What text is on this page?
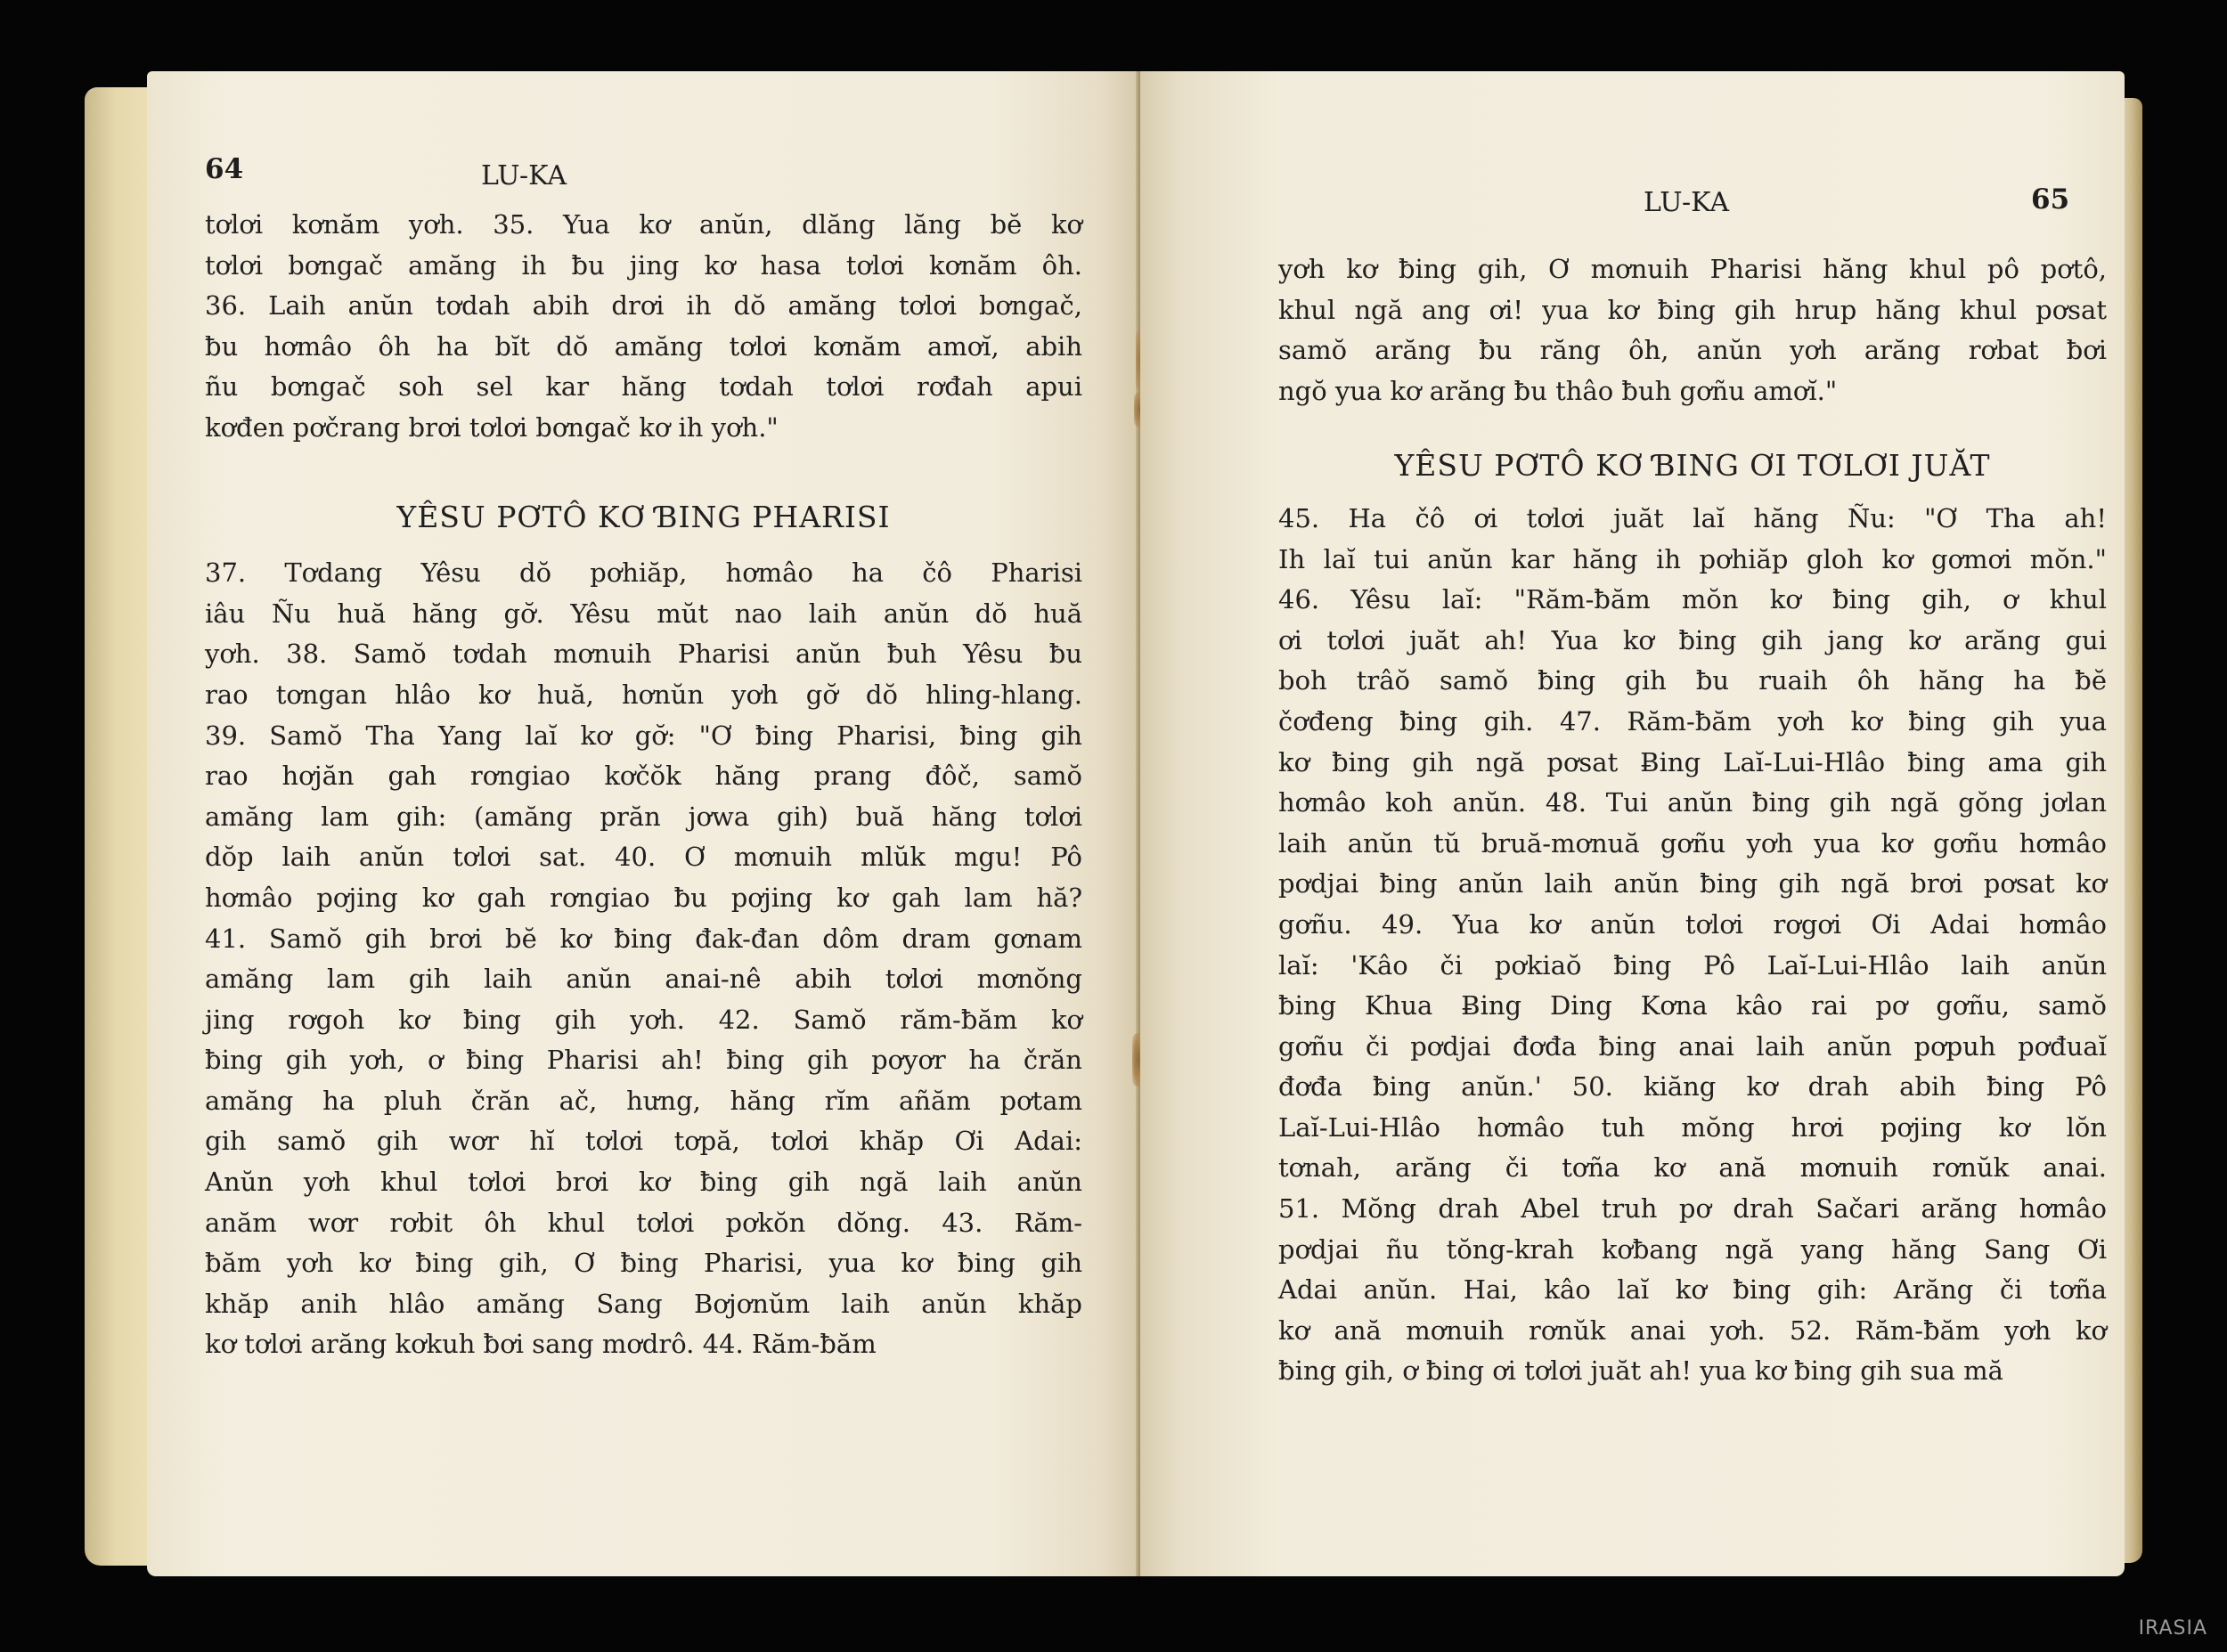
64	LU-KA
tơlơi kơnăm yơh. 35. Yua kơ anŭn, dlăng lăng bĕ kơ
tơlơi bơngač amăng ih ƀu jing kơ hasa tơlơi kơnăm ôh.
36. Laih anŭn tơdah abih drơi ih dŏ amăng tơlơi bơngač,
ƀu hơmâo ôh ha bĭt dŏ amăng tơlơi kơnăm amơĭ, abih
ñu bơngač soh sel kar hăng tơdah tơlơi rơđah apui
kơđen pơčrang brơi tơlơi bơngač kơ ih yơh."
YÊSU PƠTÔ KƠ ƁING PHARISI
37. Tơdang Yêsu dŏ pơhiăp, hơmâo ha čô Pharisi
iâu Ñu huă hăng gơ̆. Yêsu mŭt nao laih anŭn dŏ huă
yơh. 38. Samŏ tơdah mơnuih Pharisi anŭn ƀuh Yêsu ƀu
rao tơngan hlâo kơ huă, hơnŭn yơh gơ̆ dŏ hling-hlang.
39. Samŏ Tha Yang laĭ kơ gơ̆: "Ơ ƀing Pharisi, ƀing gih
rao hơjăn gah rơngiao kơčŏk hăng prang đôč, samŏ
amăng lam gih: (amăng prăn jơwa gih) buă hăng tơlơi
dŏp laih anŭn tơlơi sat. 40. Ơ mơnuih mlŭk mgu! Pô
hơmâo pơjing kơ gah rơngiao ƀu pơjing kơ gah lam hă?
41. Samŏ gih brơi bĕ kơ ƀing đak-đan dôm dram gơnam
amăng lam gih laih anŭn anai-nê abih tơlơi mơnŏng
jing rơgoh kơ ƀing gih yơh. 42. Samŏ răm-ƀăm kơ
ƀing gih yơh, ơ ƀing Pharisi ah! ƀing gih pơyơr ha črăn
amăng ha pluh črăn ač, hưng, hăng rĭm añăm pơtam
gih samŏ gih wơr hĭ tơlơi tơpă, tơlơi khăp Ơi Adai:
Anŭn yơh khul tơlơi brơi kơ ƀing gih ngă laih anŭn
anăm wơr rơbit ôh khul tơlơi pơkŏn dŏng. 43. Răm-
ƀăm yơh kơ ƀing gih, Ơ ƀing Pharisi, yua kơ ƀing gih
khăp anih hlâo amăng Sang Bơjơnŭm laih anŭn khăp
kơ tơlơi arăng kơkuh ƀơi sang mơdrô. 44. Răm-ƀăm
LU-KA	65
yơh kơ ƀing gih, Ơ mơnuih Pharisi hăng khul pô pơtô,
khul ngă ang ơi! yua kơ ƀing gih hrup hăng khul pơsat
samŏ arăng ƀu răng ôh, anŭn yơh arăng rơbat ƀơi
ngŏ yua kơ arăng ƀu thâo ƀuh gơñu amơĭ."
YÊSU PƠTÔ KƠ ƁING ƠI TƠLƠI JUĂT
45. Ha čô ơi tơlơi juăt laĭ hăng Ñu: "Ơ Tha ah!
Ih laĭ tui anŭn kar hăng ih pơhiăp gloh kơ gơmơi mŏn."
46. Yêsu laĭ: "Răm-ƀăm mŏn kơ ƀing gih, ơ khul
ơi tơlơi juăt ah! Yua kơ ƀing gih jang kơ arăng gui
boh trâŏ samŏ ƀing gih ƀu ruaih ôh hăng ha ƀĕ
čơđeng ƀing gih. 47. Răm-ƀăm yơh kơ ƀing gih yua
kơ ƀing gih ngă pơsat Ƀing Laĭ-Lui-Hlâo ƀing ama gih
hơmâo koh anŭn. 48. Tui anŭn ƀing gih ngă gŏng jơlan
laih anŭn tŭ bruă-mơnuă gơñu yơh yua kơ gơñu hơmâo
pơdjai ƀing anŭn laih anŭn ƀing gih ngă brơi pơsat kơ
gơñu. 49. Yua kơ anŭn tơlơi rơgơi Ơi Adai hơmâo
laĭ: 'Kâo či pơkiaŏ ƀing Pô Laĭ-Lui-Hlâo laih anŭn
ƀing Khua Ƀing Ding Kơna kâo rai pơ gơñu, samŏ
gơñu či pơdjai đơđa ƀing anai laih anŭn pơpuh pơđuaĭ
đơđa ƀing anŭn.' 50. kiăng kơ drah abih ƀing Pô
Laĭ-Lui-Hlâo hơmâo tuh mŏng hrơi pơjing kơ lŏn
tơnah, arăng či tơña kơ ană mơnuih rơnŭk anai.
51. Mŏng drah Abel truh pơ drah Sačari arăng hơmâo
pơdjai ñu tŏng-krah kơƀang ngă yang hăng Sang Ơi
Adai anŭn. Hai, kâo laĭ kơ ƀing gih: Arăng či tơña
kơ ană mơnuih rơnŭk anai yơh. 52. Răm-ƀăm yơh kơ
ƀing gih, ơ ƀing ơi tơlơi juăt ah! yua kơ ƀing gih sua mă
IRASIA
